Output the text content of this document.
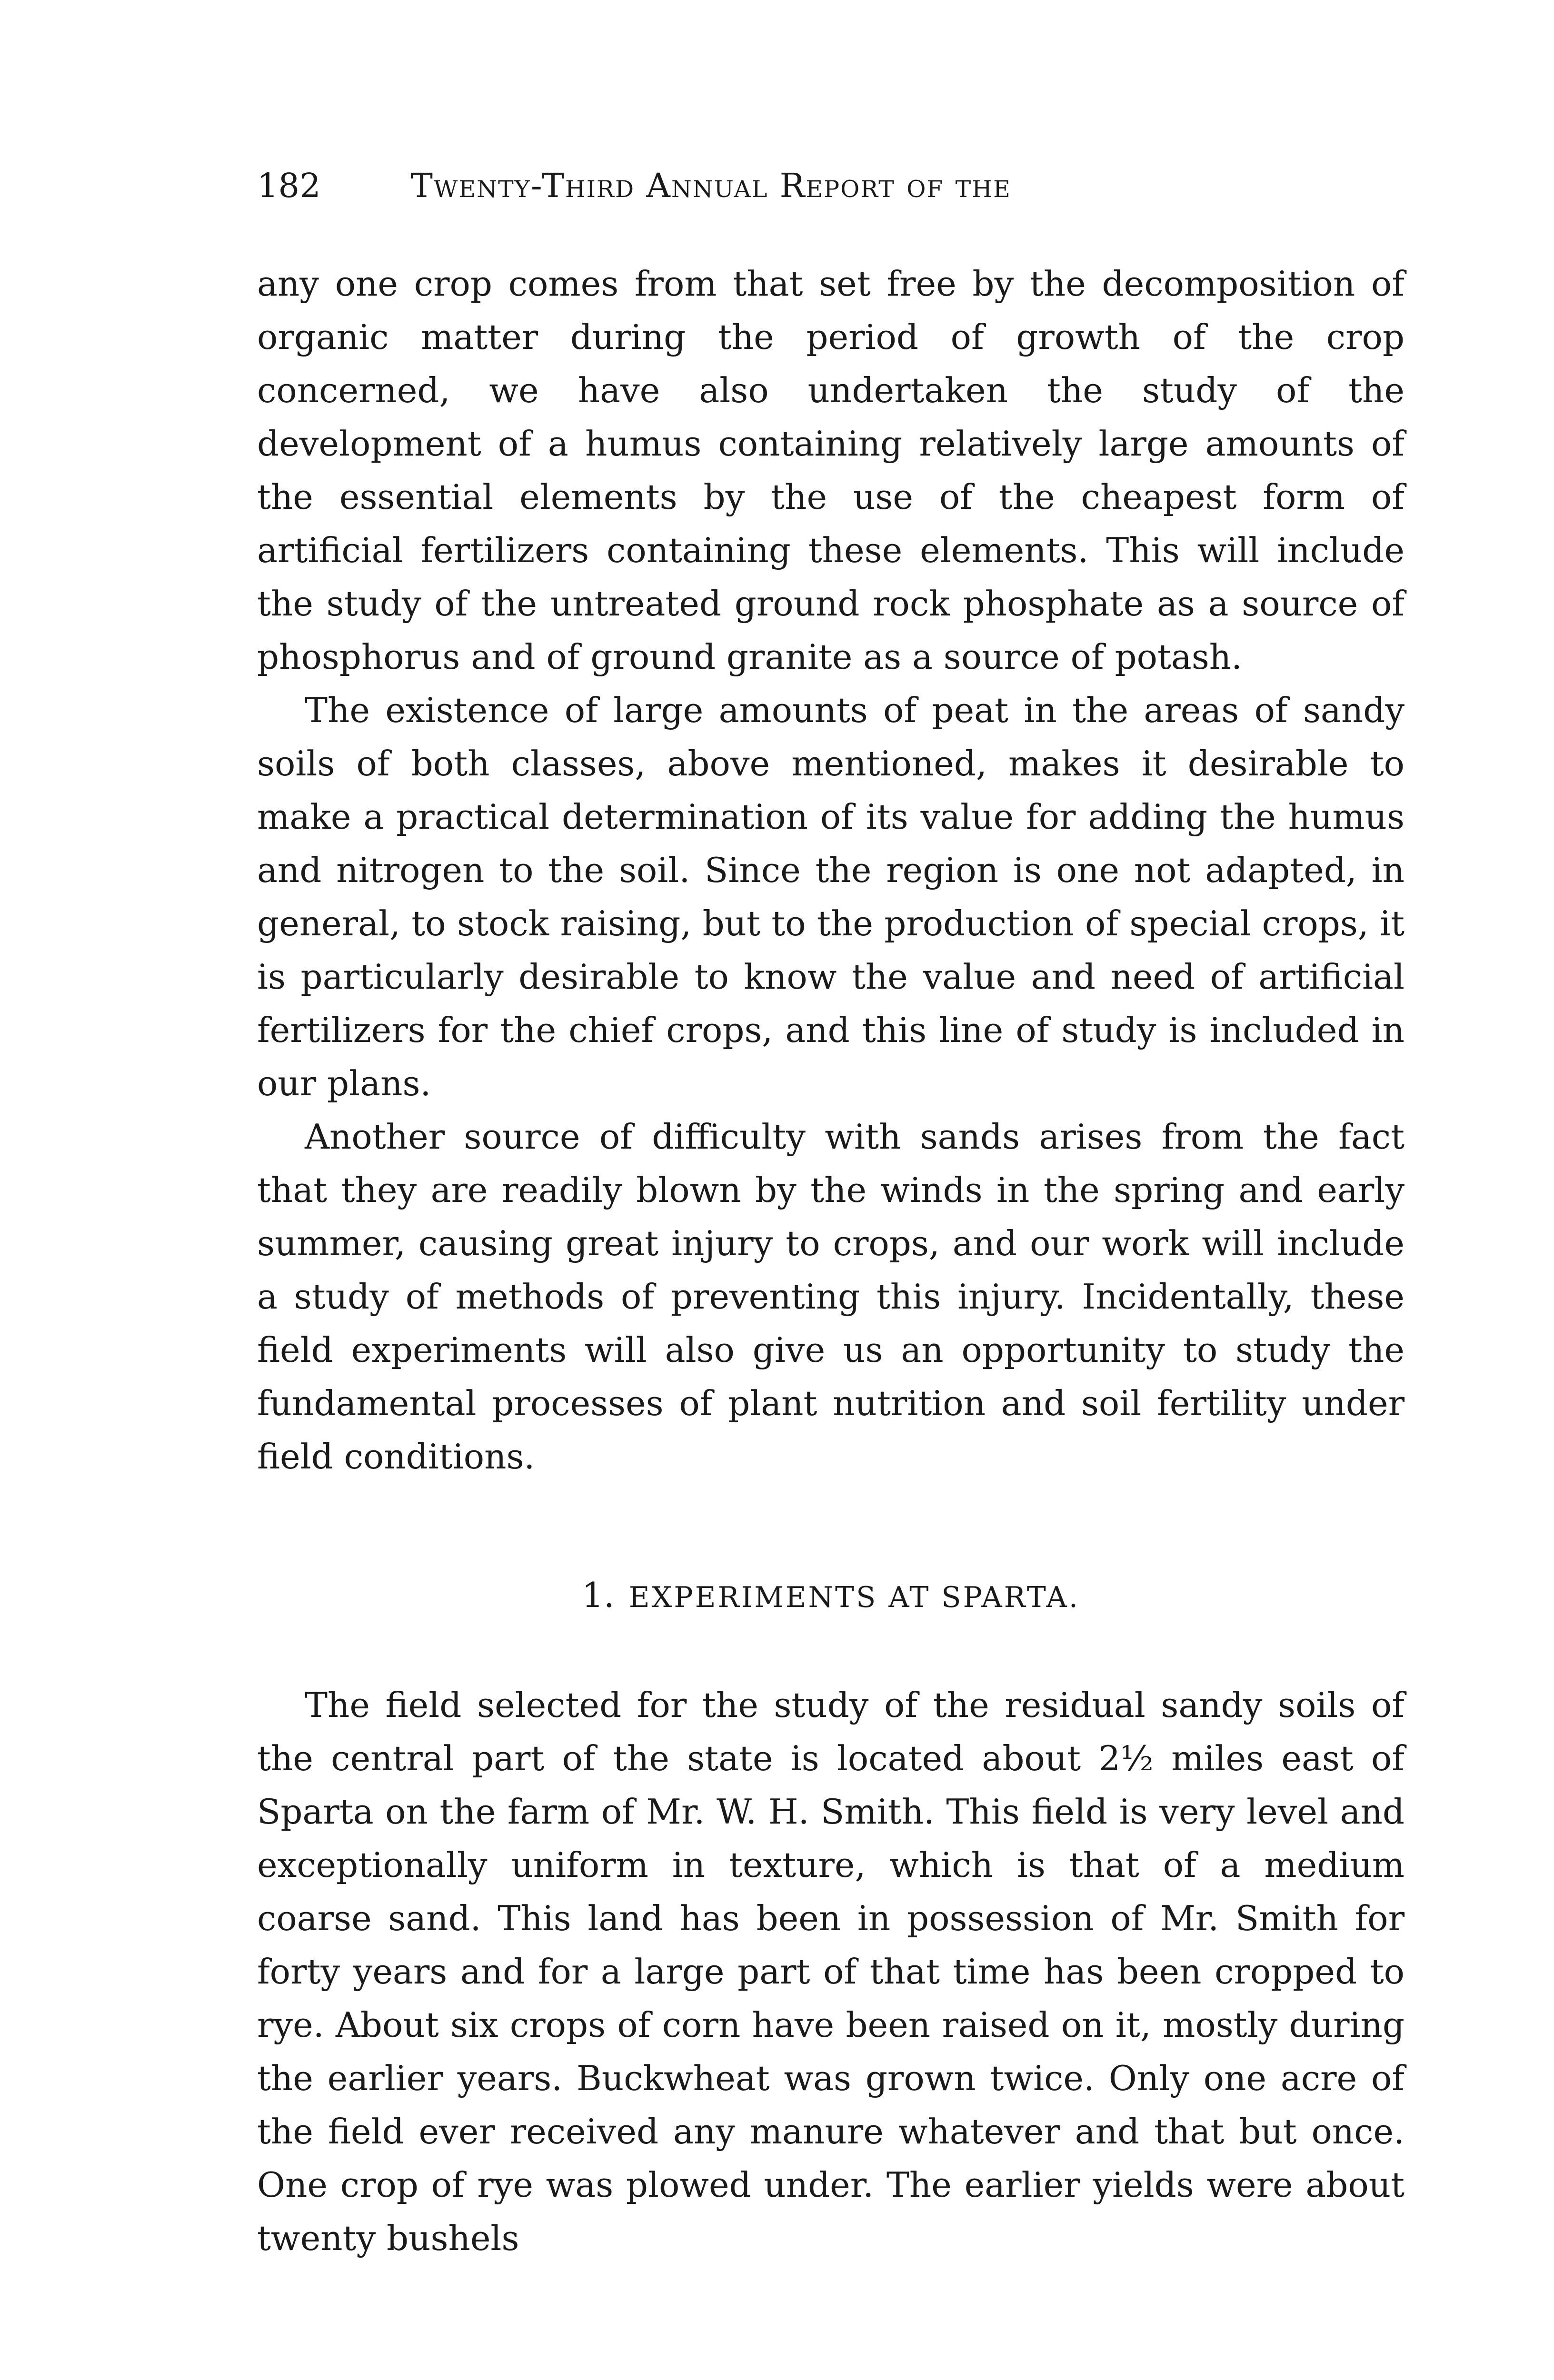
182	Twenty-Third Annual Report of the

any one crop comes from that set free by the decomposition of organic matter during the period of growth of the crop concerned, we have also undertaken the study of the development of a humus containing relatively large amounts of the essential elements by the use of the cheapest form of artificial fertilizers containing these elements. This will include the study of the untreated ground rock phosphate as a source of phosphorus and of ground granite as a source of potash.

The existence of large amounts of peat in the areas of sandy soils of both classes, above mentioned, makes it desirable to make a practical determination of its value for adding the humus and nitrogen to the soil. Since the region is one not adapted, in general, to stock raising, but to the production of special crops, it is particularly desirable to know the value and need of artificial fertilizers for the chief crops, and this line of study is included in our plans.

Another source of difficulty with sands arises from the fact that they are readily blown by the winds in the spring and early summer, causing great injury to crops, and our work will include a study of methods of preventing this injury. Incidentally, these field experiments will also give us an opportunity to study the fundamental processes of plant nutrition and soil fertility under field conditions.

1. EXPERIMENTS AT SPARTA.

The field selected for the study of the residual sandy soils of the central part of the state is located about 2½ miles east of Sparta on the farm of Mr. W. H. Smith. This field is very level and exceptionally uniform in texture, which is that of a medium coarse sand. This land has been in possession of Mr. Smith for forty years and for a large part of that time has been cropped to rye. About six crops of corn have been raised on it, mostly during the earlier years. Buckwheat was grown twice. Only one acre of the field ever received any manure whatever and that but once. One crop of rye was plowed under. The earlier yields were about twenty bushels
